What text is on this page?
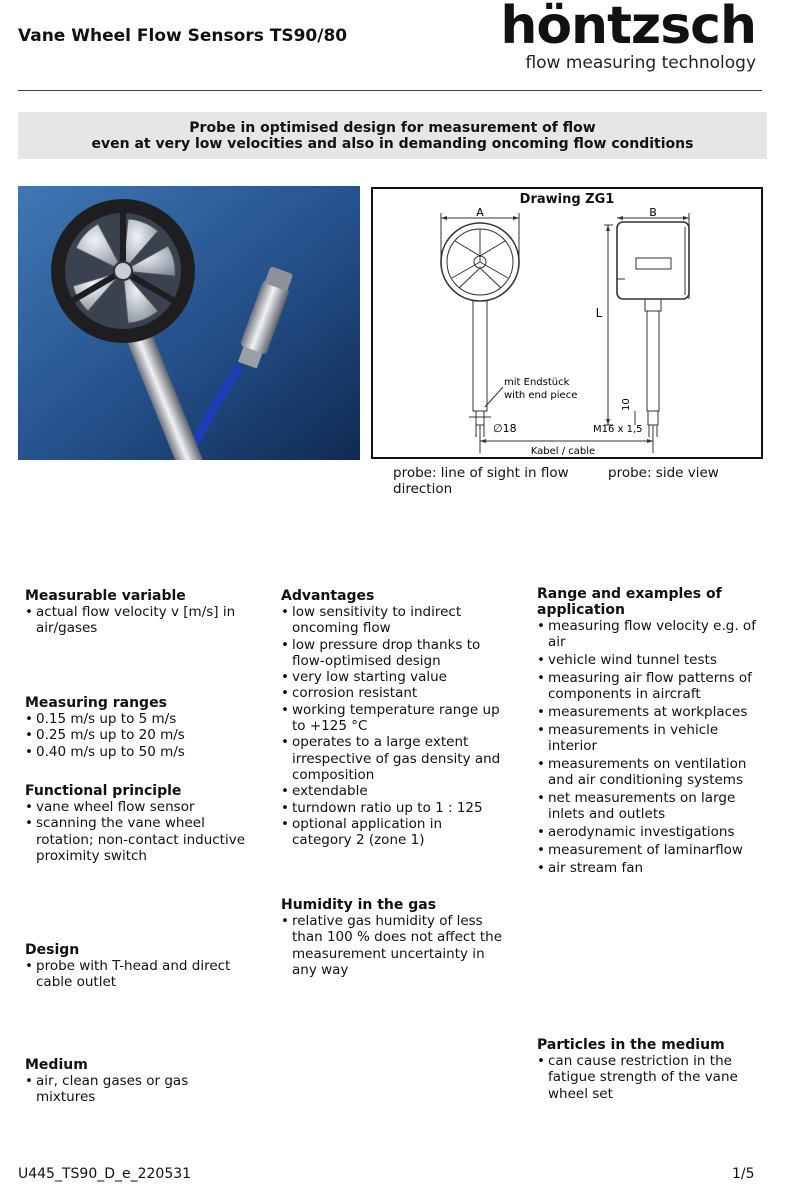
Vane Wheel Flow Sensors TS90/80	höntzsch
flow measuring technology
Probe in optimised design for measurement of flow
even at very low velocities and also in demanding oncoming flow conditions
Drawing ZG1
A	B
L
mit Endstück
with end piece
∅18
10
M16 x 1,5
Kabel / cable
probe: line of sight in flow direction
probe: side view
Measurable variable
• actual flow velocity v [m/s] in air/gases
Measuring ranges
• 0.15 m/s up to 5 m/s
• 0.25 m/s up to 20 m/s
• 0.40 m/s up to 50 m/s
Functional principle
• vane wheel flow sensor
• scanning the vane wheel rotation; non-contact inductive proximity switch
Design
• probe with T-head and direct cable outlet
Medium
• air, clean gases or gas mixtures
Advantages
• low sensitivity to indirect oncoming flow
• low pressure drop thanks to flow-optimised design
• very low starting value
• corrosion resistant
• working temperature range up to +125 °C
• operates to a large extent irrespective of gas density and composition
• extendable
• turndown ratio up to 1 : 125
• optional application in category 2 (zone 1)
Humidity in the gas
• relative gas humidity of less than 100 % does not affect the measurement uncertainty in any way
Range and examples of application
• measuring flow velocity e.g. of air
• vehicle wind tunnel tests
• measuring air flow patterns of components in aircraft
• measurements at workplaces
• measurements in vehicle interior
• measurements on ventilation and air conditioning systems
• net measurements on large inlets and outlets
• aerodynamic investigations
• measurement of laminarflow
• air stream fan
Particles in the medium
• can cause restriction in the fatigue strength of the vane wheel set
U445_TS90_D_e_220531	1/5
